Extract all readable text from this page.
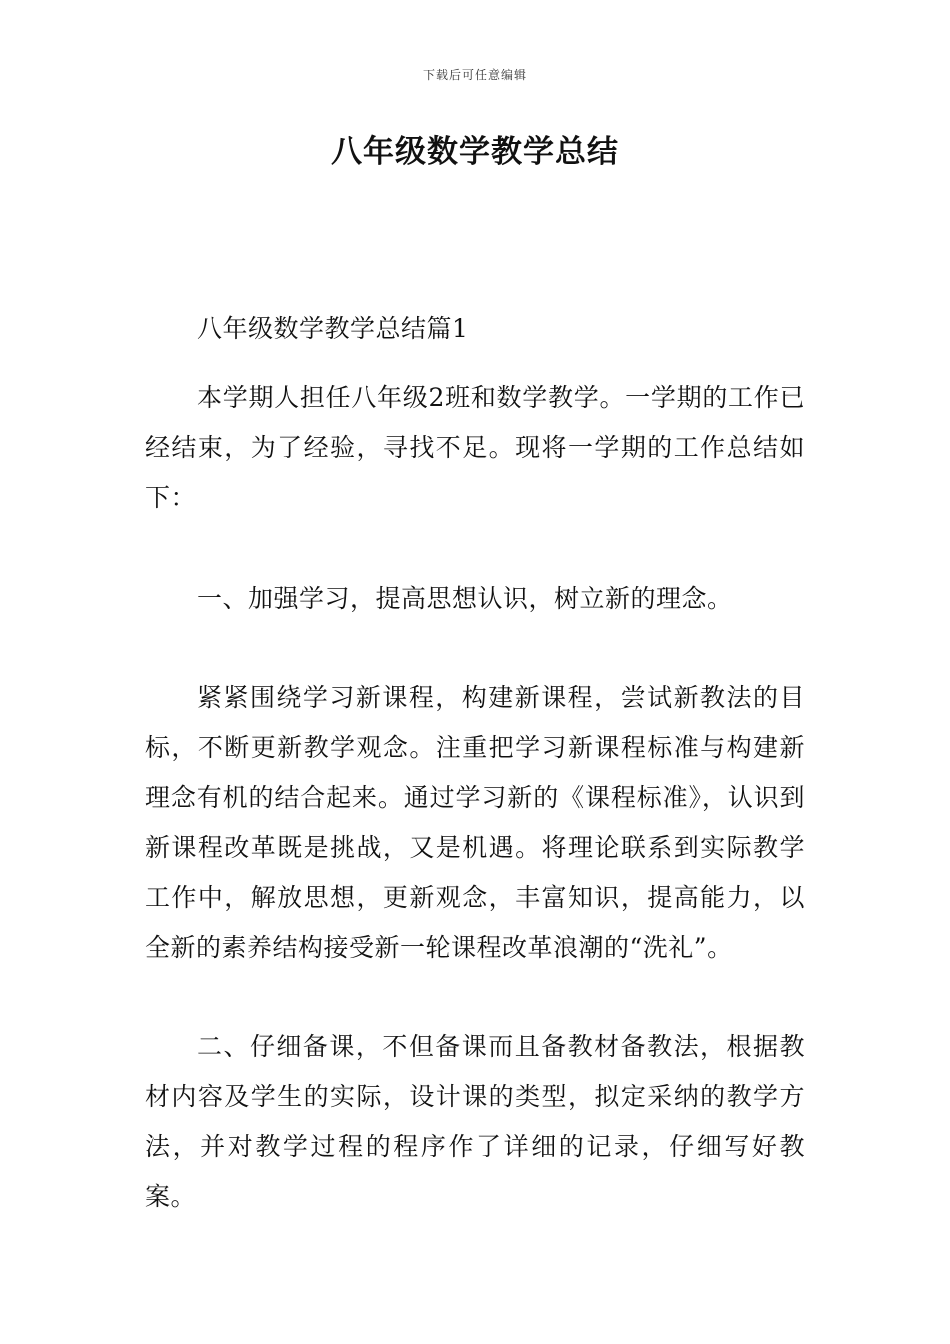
下载后可任意编辑
八年级数学教学总结

八年级数学教学总结篇1

本学期人担任八年级2班和数学教学。一学期的工作已经结束，为了经验，寻找不足。现将一学期的工作总结如下：

一、加强学习，提高思想认识，树立新的理念。

紧紧围绕学习新课程，构建新课程，尝试新教法的目标，不断更新教学观念。注重把学习新课程标准与构建新理念有机的结合起来。通过学习新的《课程标准》，认识到新课程改革既是挑战，又是机遇。将理论联系到实际教学工作中，解放思想，更新观念，丰富知识，提高能力，以全新的素养结构接受新一轮课程改革浪潮的“洗礼”。

二、仔细备课，不但备课而且备教材备教法，根据教材内容及学生的实际，设计课的类型，拟定采纳的教学方法，并对教学过程的程序作了详细的记录，仔细写好教案。
